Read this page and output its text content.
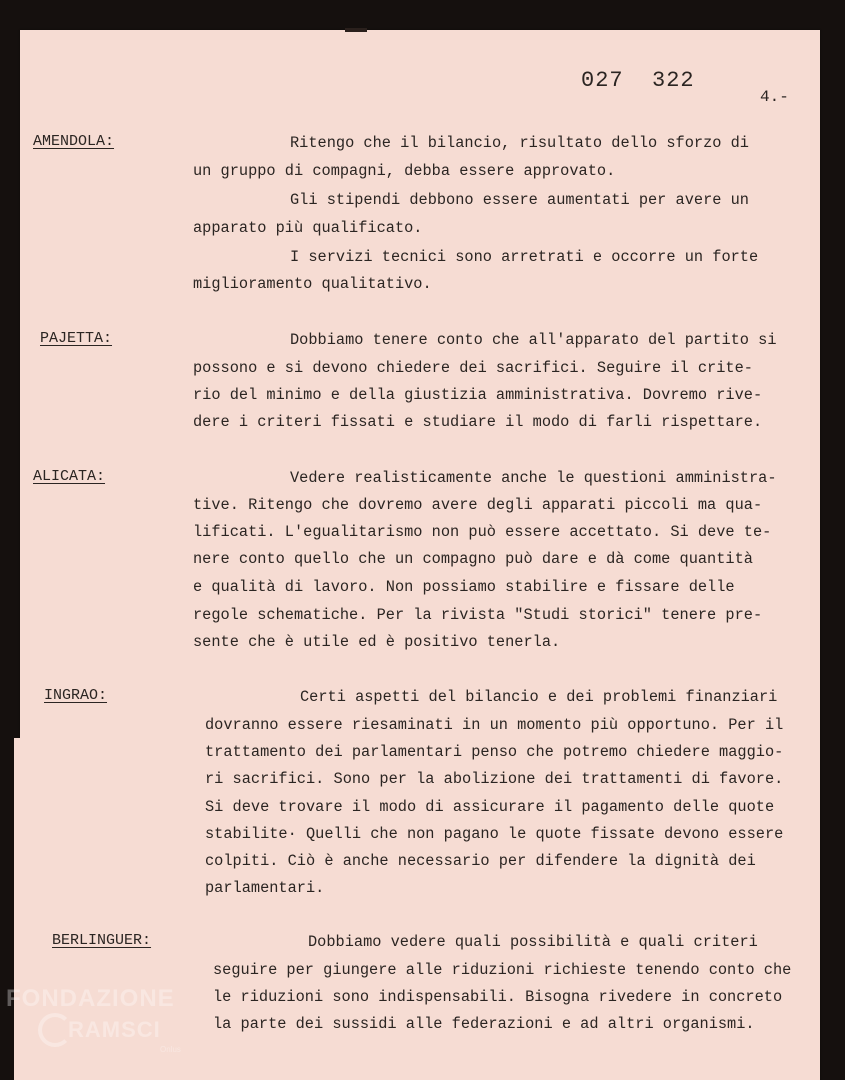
027  322
4.-
AMENDOLA:	Ritengo che il bilancio, risultato dello sforzo di
un gruppo di compagni, debba essere approvato.
Gli stipendi debbono essere aumentati per avere un
apparato più qualificato.
I servizi tecnici sono arretrati e occorre un forte
miglioramento qualitativo.
PAJETTA:	Dobbiamo tenere conto che all'apparato del partito si
possono e si devono chiedere dei sacrifici. Seguire il crite-
rio del minimo e della giustizia amministrativa. Dovremo rive-
dere i criteri fissati e studiare il modo di farli rispettare.
ALICATA:	Vedere realisticamente anche le questioni amministra-
tive. Ritengo che dovremo avere degli apparati piccoli ma qua-
lificati. L'egualitarismo non può essere accettato. Si deve te-
nere conto quello che un compagno può dare e dà come quantità
e qualità di lavoro. Non possiamo stabilire e fissare delle
regole schematiche. Per la rivista "Studi storici" tenere pre-
sente che è utile ed è positivo tenerla.
INGRAO:	Certi aspetti del bilancio e dei problemi finanziari
dovranno essere riesaminati in un momento più opportuno. Per il
trattamento dei parlamentari penso che potremo chiedere maggio-
ri sacrifici. Sono per la abolizione dei trattamenti di favore.
Si deve trovare il modo di assicurare il pagamento delle quote
stabilite· Quelli che non pagano le quote fissate devono essere
colpiti. Ciò è anche necessario per difendere la dignità dei
parlamentari.
BERLINGUER:	Dobbiamo vedere quali possibilità e quali criteri
seguire per giungere alle riduzioni richieste tenendo conto che
le riduzioni sono indispensabili. Bisogna rivedere in concreto
la parte dei sussidi alle federazioni e ad altri organismi.
FONDAZIONE
RAMSCI
Onlus
